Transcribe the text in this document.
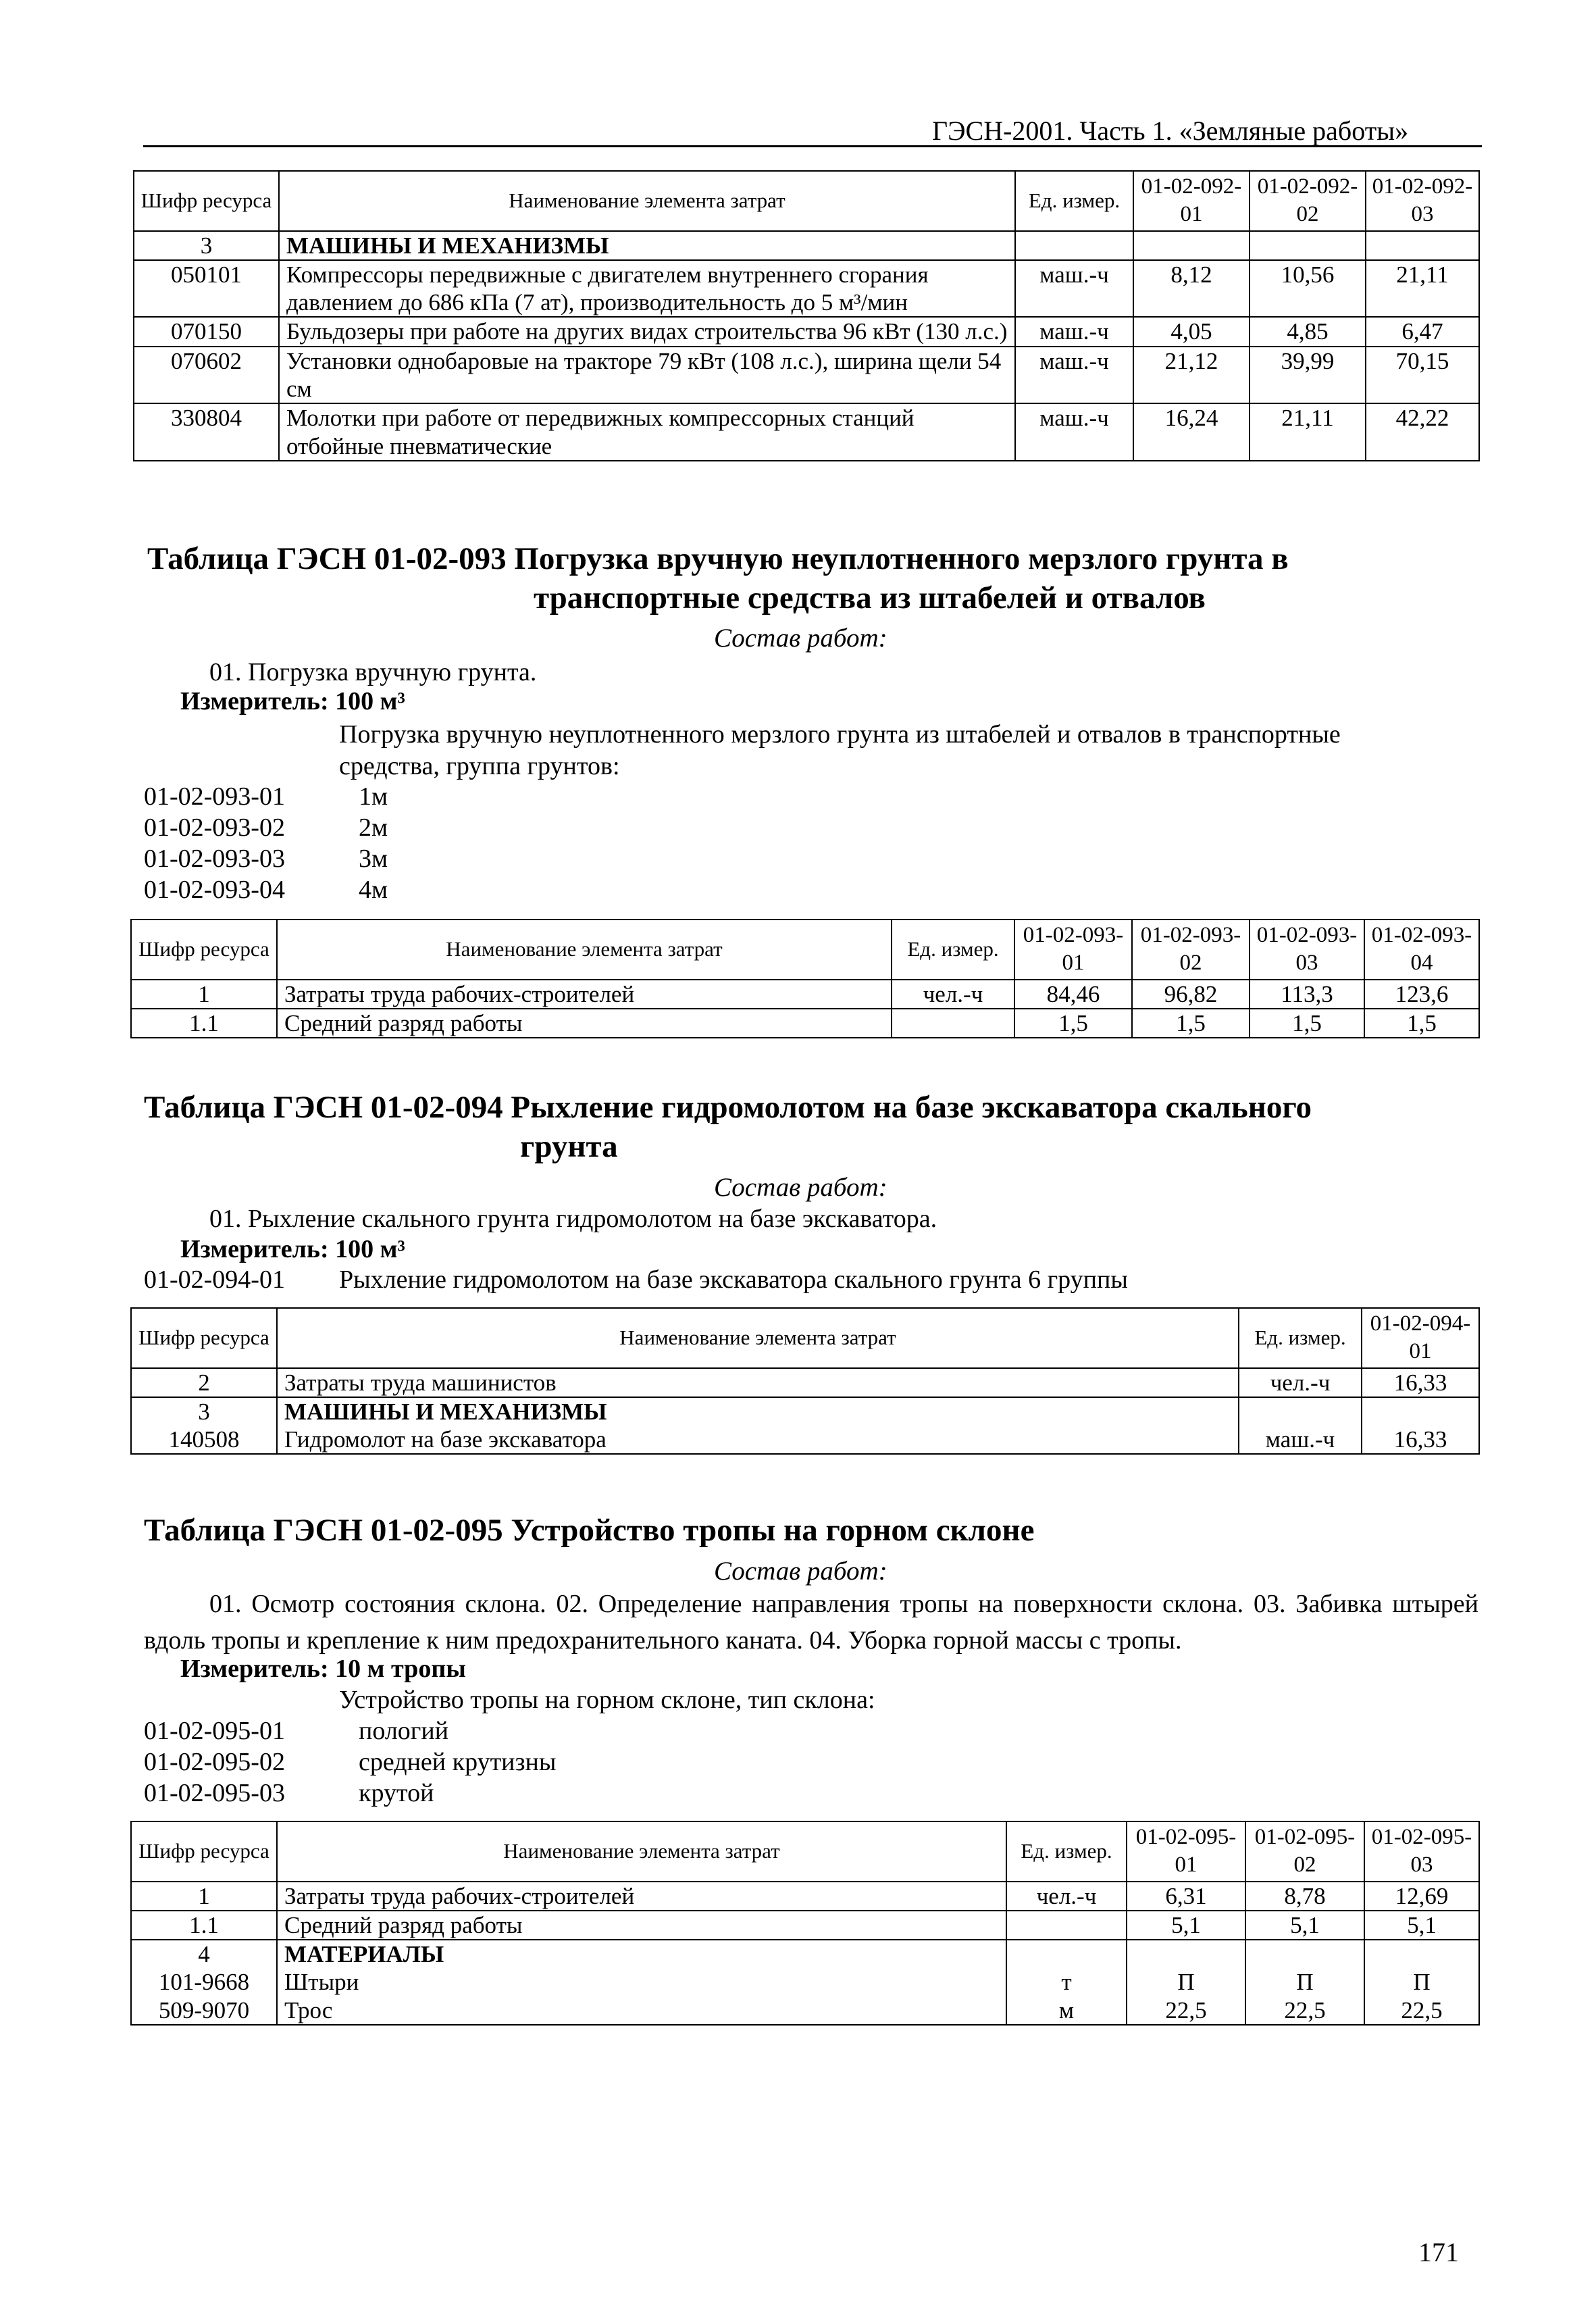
ГЭСН-2001. Часть 1. «Земляные работы»
Шифр ресурса	Наименование элемента затрат	Ед. измер.	01-02-092-01	01-02-092-02	01-02-092-03
3	МАШИНЫ И МЕХАНИЗМЫ				
050101	Компрессоры передвижные с двигателем внутреннего сгорания давлением до 686 кПа (7 ат), производительность до 5 м³/мин	маш.-ч	8,12	10,56	21,11
070150	Бульдозеры при работе на других видах строительства 96 кВт (130 л.с.)	маш.-ч	4,05	4,85	6,47
070602	Установки однобаровые на тракторе 79 кВт (108 л.с.), ширина щели 54 см	маш.-ч	21,12	39,99	70,15
330804	Молотки при работе от передвижных компрессорных станций отбойные пневматические	маш.-ч	16,24	21,11	42,22
Таблица ГЭСН 01-02-093 Погрузка вручную неуплотненного мерзлого грунта в
транспортные средства из штабелей и отвалов
Состав работ:
01. Погрузка вручную грунта.
Измеритель: 100 м³
Погрузка вручную неуплотненного мерзлого грунта из штабелей и отвалов в транспортные
средства, группа грунтов:
01-02-093-01	1м
01-02-093-02	2м
01-02-093-03	3м
01-02-093-04	4м
Шифр ресурса	Наименование элемента затрат	Ед. измер.	01-02-093-01	01-02-093-02	01-02-093-03	01-02-093-04
1	Затраты труда рабочих-строителей	чел.-ч	84,46	96,82	113,3	123,6
1.1	Средний разряд работы		1,5	1,5	1,5	1,5
Таблица ГЭСН 01-02-094 Рыхление гидромолотом на базе экскаватора скального
грунта
Состав работ:
01. Рыхление скального грунта гидромолотом на базе экскаватора.
Измеритель: 100 м³
01-02-094-01 Рыхление гидромолотом на базе экскаватора скального грунта 6 группы
Шифр ресурса	Наименование элемента затрат	Ед. измер.	01-02-094-01
2	Затраты труда машинистов	чел.-ч	16,33
3	МАШИНЫ И МЕХАНИЗМЫ		
140508	Гидромолот на базе экскаватора	маш.-ч	16,33
Таблица ГЭСН 01-02-095 Устройство тропы на горном склоне
Состав работ:
01. Осмотр состояния склона. 02. Определение направления тропы на поверхности склона. 03. Забивка штырей вдоль тропы и крепление к ним предохранительного каната. 04. Уборка горной массы с тропы.
Измеритель: 10 м тропы
Устройство тропы на горном склоне, тип склона:
01-02-095-01	пологий
01-02-095-02	средней крутизны
01-02-095-03	крутой
Шифр ресурса	Наименование элемента затрат	Ед. измер.	01-02-095-01	01-02-095-02	01-02-095-03
1	Затраты труда рабочих-строителей	чел.-ч	6,31	8,78	12,69
1.1	Средний разряд работы		5,1	5,1	5,1
4	МАТЕРИАЛЫ				
101-9668	Штыри	т	П	П	П
509-9070	Трос	м	22,5	22,5	22,5
171
